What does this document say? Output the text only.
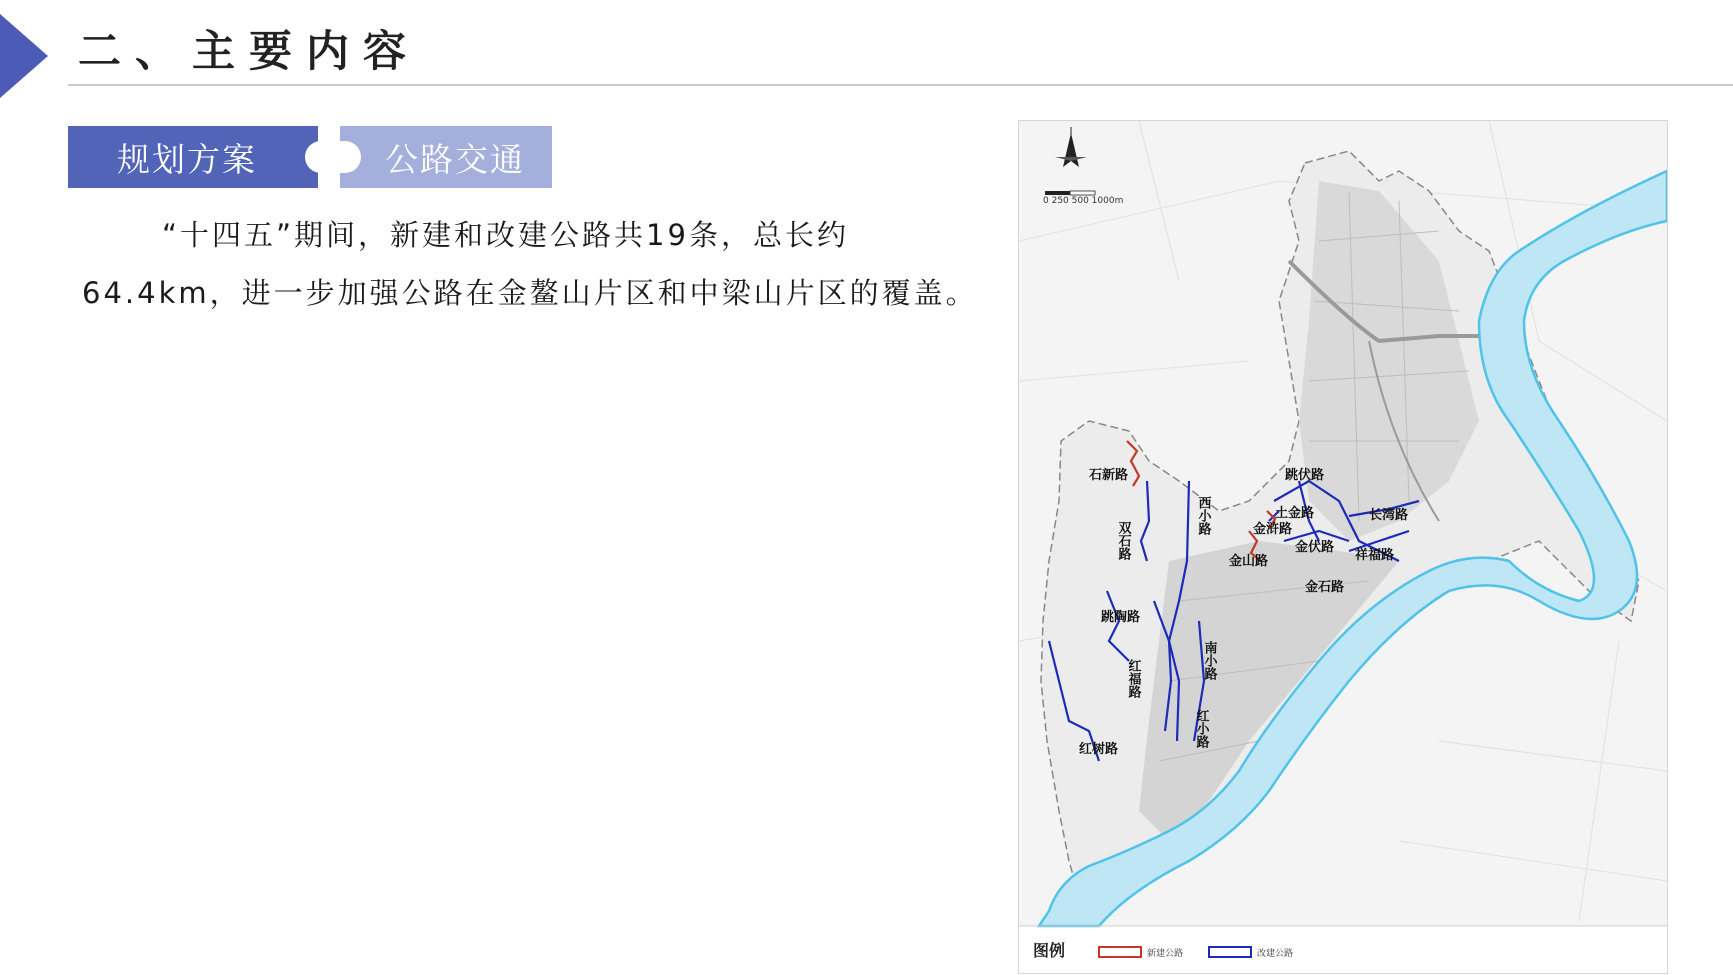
二、主要内容
规划方案	公路交通

“十四五”期间，新建和改建公路共19条，总长约64.4km，进一步加强公路在金鳌山片区和中梁山片区的覆盖。

石新路
双石路
西小路
跳伏路
土金路
金浒路
金山路
金伏路
长湾路
祥福路
金石路
跳陶路
红福路	南小路
红小路
红树路
0 250 500 1000m
图例	新建公路	改建公路
